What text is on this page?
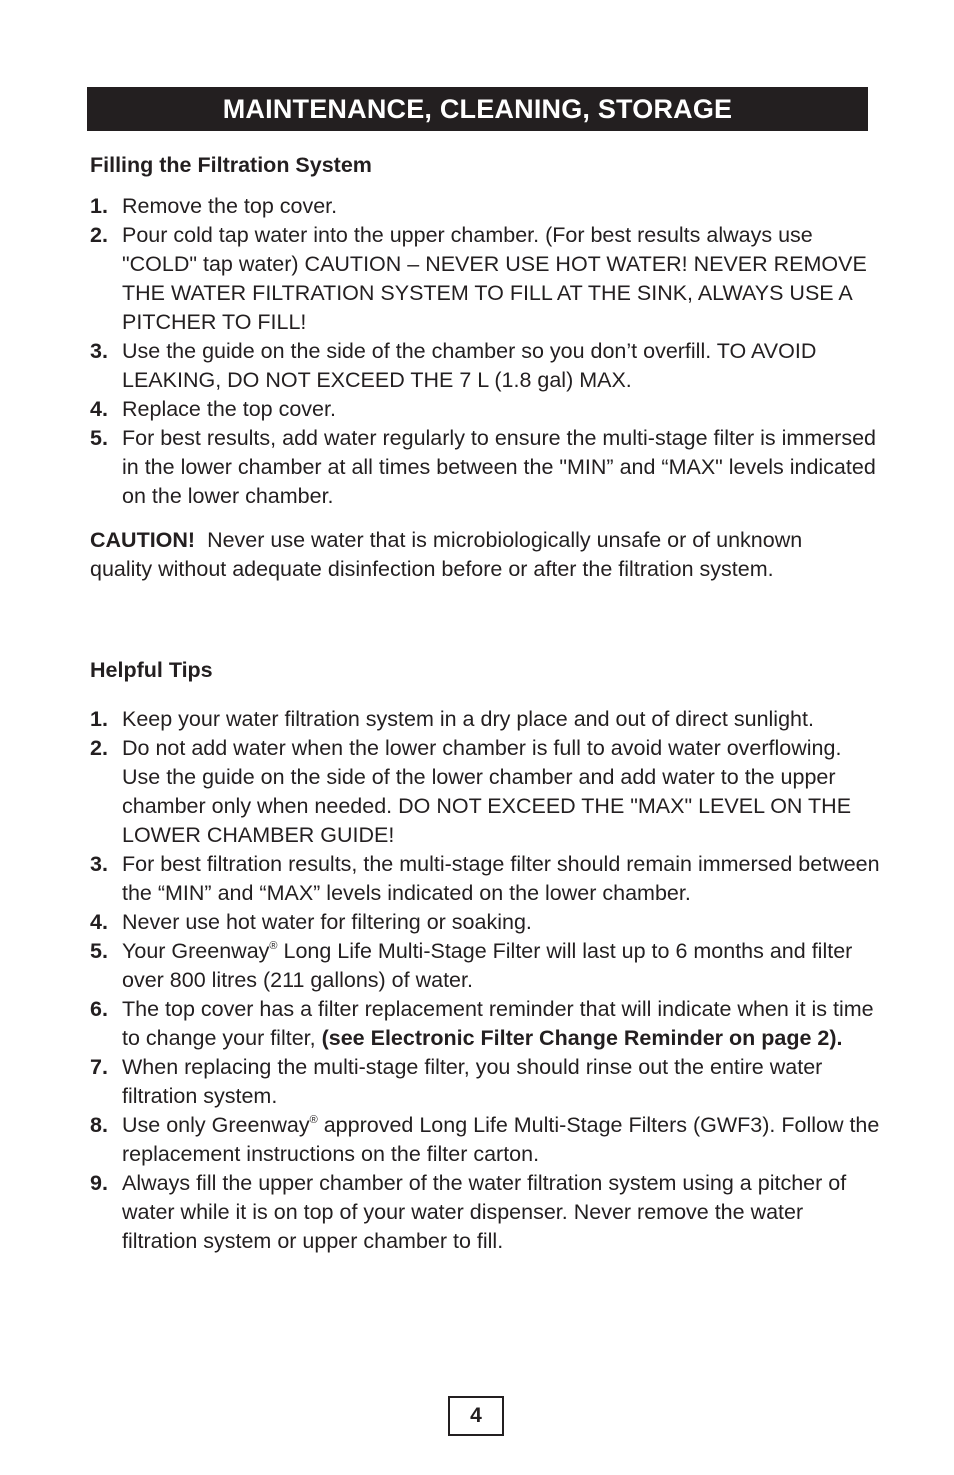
MAINTENANCE, CLEANING, STORAGE
Filling the Filtration System
1. Remove the top cover.
2. Pour cold tap water into the upper chamber. (For best results always use "COLD" tap water) CAUTION – NEVER USE HOT WATER! NEVER REMOVE THE WATER FILTRATION SYSTEM TO FILL AT THE SINK, ALWAYS USE A PITCHER TO FILL!
3. Use the guide on the side of the chamber so you don’t overfill. TO AVOID LEAKING, DO NOT EXCEED THE 7 L (1.8 gal) MAX.
4. Replace the top cover.
5. For best results, add water regularly to ensure the multi-stage filter is immersed in the lower chamber at all times between the "MIN” and “MAX" levels indicated on the lower chamber.

CAUTION! Never use water that is microbiologically unsafe or of unknown quality without adequate disinfection before or after the filtration system.

Helpful Tips
1. Keep your water filtration system in a dry place and out of direct sunlight.
2. Do not add water when the lower chamber is full to avoid water overflowing. Use the guide on the side of the lower chamber and add water to the upper chamber only when needed. DO NOT EXCEED THE "MAX" LEVEL ON THE LOWER CHAMBER GUIDE!
3. For best filtration results, the multi-stage filter should remain immersed between the “MIN” and “MAX” levels indicated on the lower chamber.
4. Never use hot water for filtering or soaking.
5. Your Greenway® Long Life Multi-Stage Filter will last up to 6 months and filter over 800 litres (211 gallons) of water.
6. The top cover has a filter replacement reminder that will indicate when it is time to change your filter, (see Electronic Filter Change Reminder on page 2).
7. When replacing the multi-stage filter, you should rinse out the entire water filtration system.
8. Use only Greenway® approved Long Life Multi-Stage Filters (GWF3). Follow the replacement instructions on the filter carton.
9. Always fill the upper chamber of the water filtration system using a pitcher of water while it is on top of your water dispenser. Never remove the water filtration system or upper chamber to fill.
4
